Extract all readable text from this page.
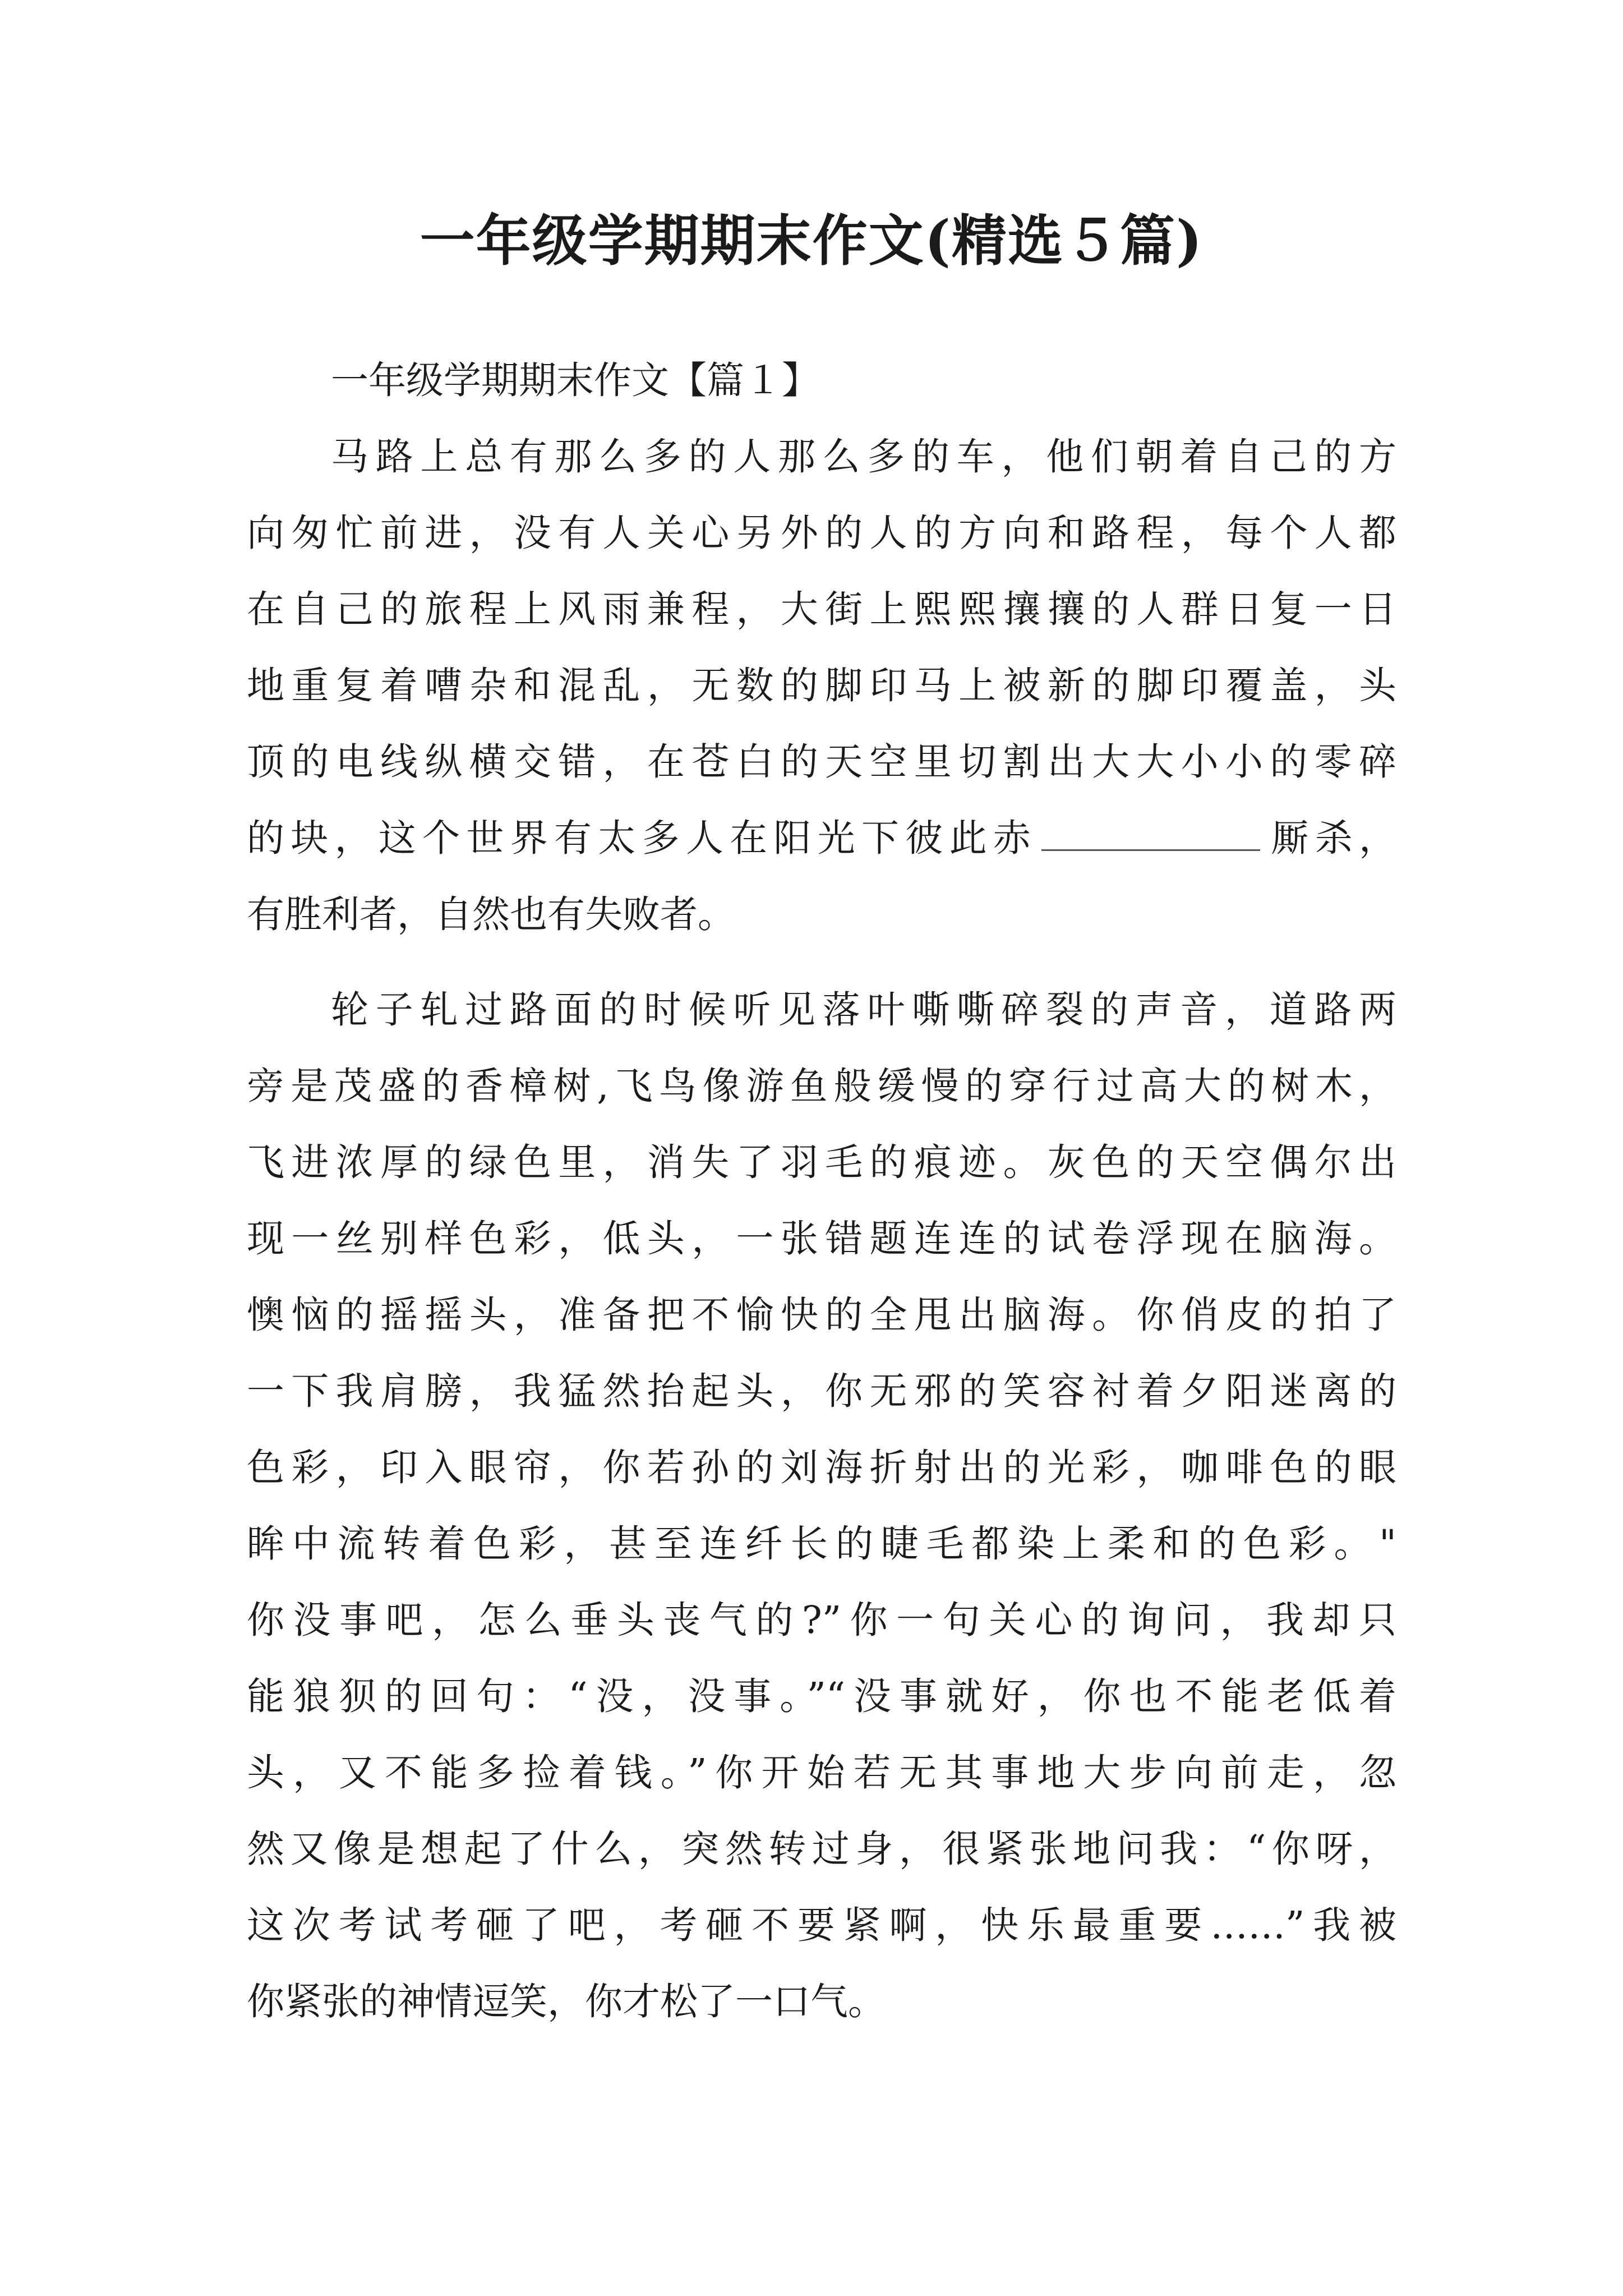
一年级学期期末作文(精选５篇)
一年级学期期末作文【篇１】
马路上总有那么多的人那么多的车，他们朝着自己的方
向匆忙前进，没有人关心另外的人的方向和路程，每个人都
在自己的旅程上风雨兼程，大街上熙熙攘攘的人群日复一日
地重复着嘈杂和混乱，无数的脚印马上被新的脚印覆盖，头
顶的电线纵横交错，在苍白的天空里切割出大大小小的零碎
的块，这个世界有太多人在阳光下彼此赤	厮杀，
有胜利者，自然也有失败者。
轮子轧过路面的时候听见落叶嘶嘶碎裂的声音，道路两
旁是茂盛的香樟树,飞鸟像游鱼般缓慢的穿行过高大的树木，
飞进浓厚的绿色里，消失了羽毛的痕迹。灰色的天空偶尔出
现一丝别样色彩，低头，一张错题连连的试卷浮现在脑海。
懊恼的摇摇头，准备把不愉快的全甩出脑海。你俏皮的拍了
一下我肩膀，我猛然抬起头，你无邪的笑容衬着夕阳迷离的
色彩，印入眼帘，你若孙的刘海折射出的光彩，咖啡色的眼
眸中流转着色彩，甚至连纤长的睫毛都染上柔和的色彩。"
你没事吧，怎么垂头丧气的?”你一句关心的询问，我却只
能狼狈的回句：“没，没事。”“没事就好，你也不能老低着
头，又不能多捡着钱。”你开始若无其事地大步向前走，忽
然又像是想起了什么，突然转过身，很紧张地问我：“你呀，
这次考试考砸了吧，考砸不要紧啊，快乐最重要……”我被
你紧张的神情逗笑，你才松了一口气。
